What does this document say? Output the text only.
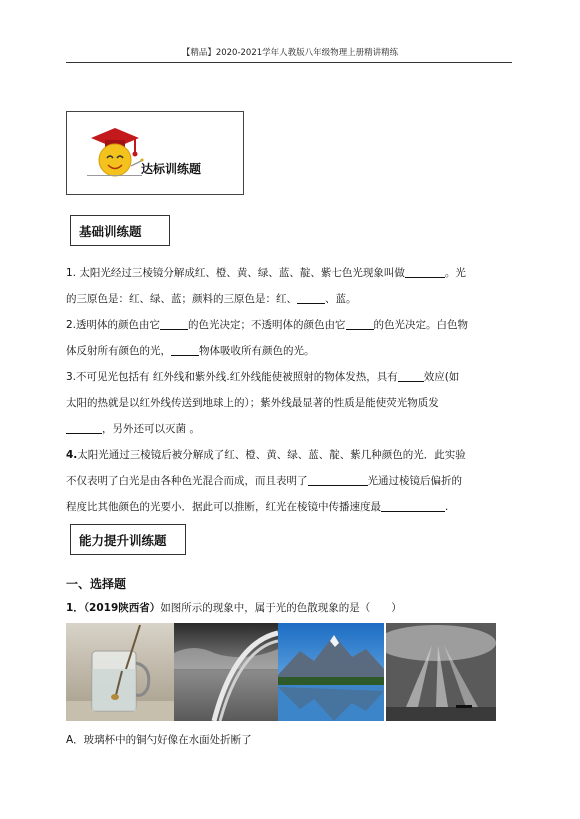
【精品】2020-2021学年人教版八年级物理上册精讲精练
达标训练题
基础训练题
1. 太阳光经过三棱镜分解成红、橙、黄、绿、蓝、靛、紫七色光现象叫做	。光
的三原色是：红、绿、蓝；颜料的三原色是：红、	、蓝。
2.透明体的颜色由它	的色光决定；不透明体的颜色由它	的色光决定。白色物
体反射所有颜色的光，	物体吸收所有颜色的光。
3.不可见光包括有 红外线和紫外线.红外线能使被照射的物体发热，具有 效应(如
太阳的热就是以红外线传送到地球上的）；紫外线最显著的性质是能使荧光物质发
，另外还可以灭菌 。
4.太阳光通过三棱镜后被分解成了红、橙、黄、绿、蓝、靛、紫几种颜色的光．此实验
不仅表明了白光是由各种色光混合而成，而且表明了	光通过棱镜后偏折的
程度比其他颜色的光要小．据此可以推断，红光在棱镜中传播速度最	.
能力提升训练题
一、选择题
1．（2019陕西省）如图所示的现象中，属于光的色散现象的是（　　）
A．玻璃杯中的铜勺好像在水面处折断了
